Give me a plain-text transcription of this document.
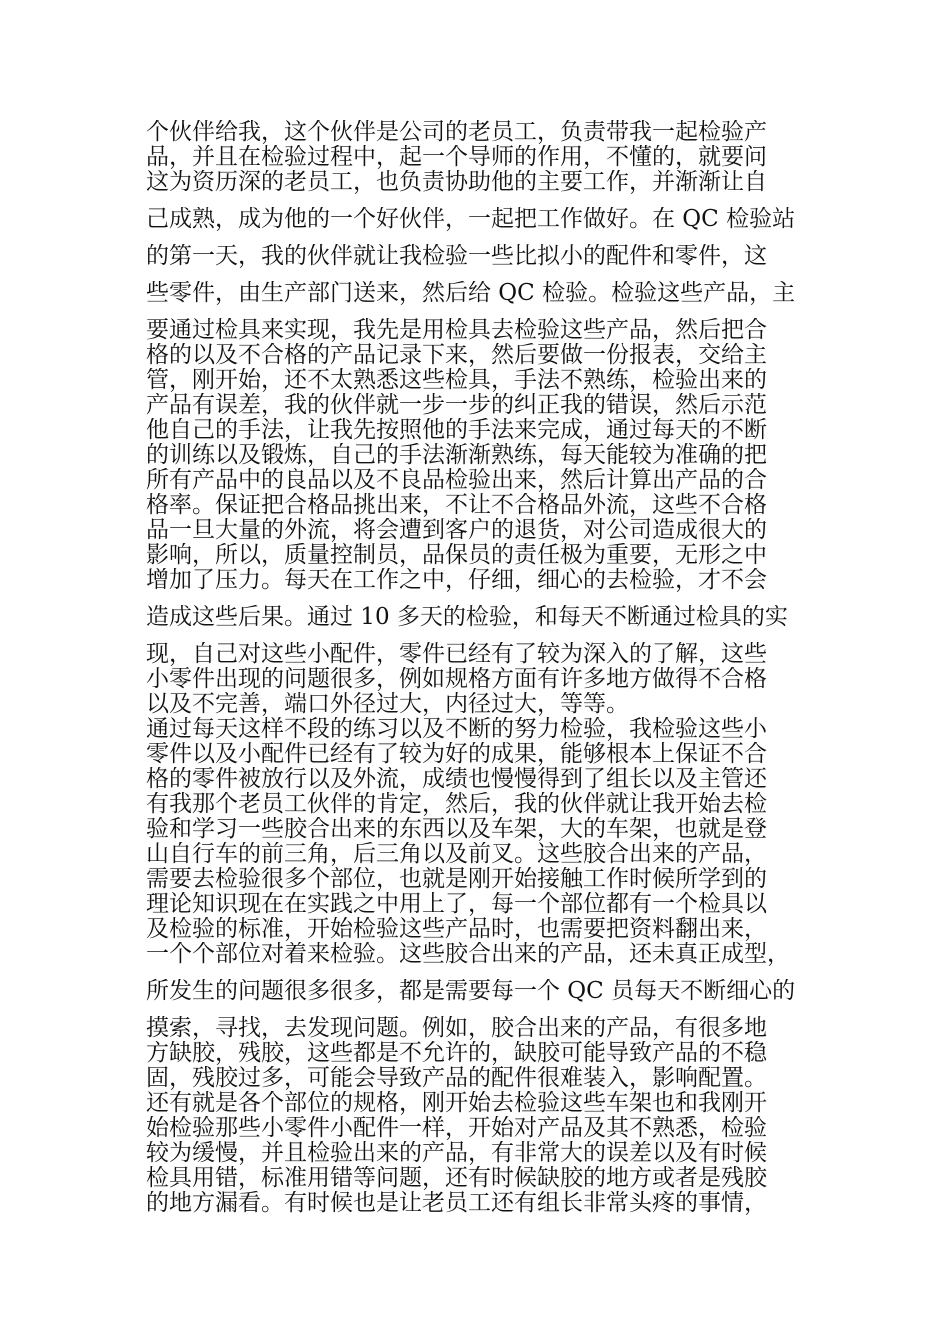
个伙伴给我，这个伙伴是公司的老员工，负责带我一起检验产
品，并且在检验过程中，起一个导师的作用，不懂的，就要问
这为资历深的老员工，也负责协助他的主要工作，并渐渐让自
己成熟，成为他的一个好伙伴，一起把工作做好。在 QC 检验站
的第一天，我的伙伴就让我检验一些比拟小的配件和零件，这
些零件，由生产部门送来，然后给 QC 检验。检验这些产品，主
要通过检具来实现，我先是用检具去检验这些产品，然后把合
格的以及不合格的产品记录下来，然后要做一份报表，交给主
管，刚开始，还不太熟悉这些检具，手法不熟练，检验出来的
产品有误差，我的伙伴就一步一步的纠正我的错误，然后示范
他自己的手法，让我先按照他的手法来完成，通过每天的不断
的训练以及锻炼，自己的手法渐渐熟练，每天能较为准确的把
所有产品中的良品以及不良品检验出来，然后计算出产品的合
格率。保证把合格品挑出来，不让不合格品外流，这些不合格
品一旦大量的外流，将会遭到客户的退货，对公司造成很大的
影响，所以，质量控制员，品保员的责任极为重要，无形之中
增加了压力。每天在工作之中，仔细，细心的去检验，才不会
造成这些后果。通过 10 多天的检验，和每天不断通过检具的实
现，自己对这些小配件，零件已经有了较为深入的了解，这些
小零件出现的问题很多，例如规格方面有许多地方做得不合格
以及不完善，端口外径过大，内径过大，等等。
通过每天这样不段的练习以及不断的努力检验，我检验这些小
零件以及小配件已经有了较为好的成果，能够根本上保证不合
格的零件被放行以及外流，成绩也慢慢得到了组长以及主管还
有我那个老员工伙伴的肯定，然后，我的伙伴就让我开始去检
验和学习一些胶合出来的东西以及车架，大的车架，也就是登
山自行车的前三角，后三角以及前叉。这些胶合出来的产品，
需要去检验很多个部位，也就是刚开始接触工作时候所学到的
理论知识现在在实践之中用上了，每一个部位都有一个检具以
及检验的标准，开始检验这些产品时，也需要把资料翻出来，
一个个部位对着来检验。这些胶合出来的产品，还未真正成型，
所发生的问题很多很多，都是需要每一个 QC 员每天不断细心的
摸索，寻找，去发现问题。例如，胶合出来的产品，有很多地
方缺胶，残胶，这些都是不允许的，缺胶可能导致产品的不稳
固，残胶过多，可能会导致产品的配件很难装入，影响配置。
还有就是各个部位的规格，刚开始去检验这些车架也和我刚开
始检验那些小零件小配件一样，开始对产品及其不熟悉，检验
较为缓慢，并且检验出来的产品，有非常大的误差以及有时候
检具用错，标准用错等问题，还有时候缺胶的地方或者是残胶
的地方漏看。有时候也是让老员工还有组长非常头疼的事情，
